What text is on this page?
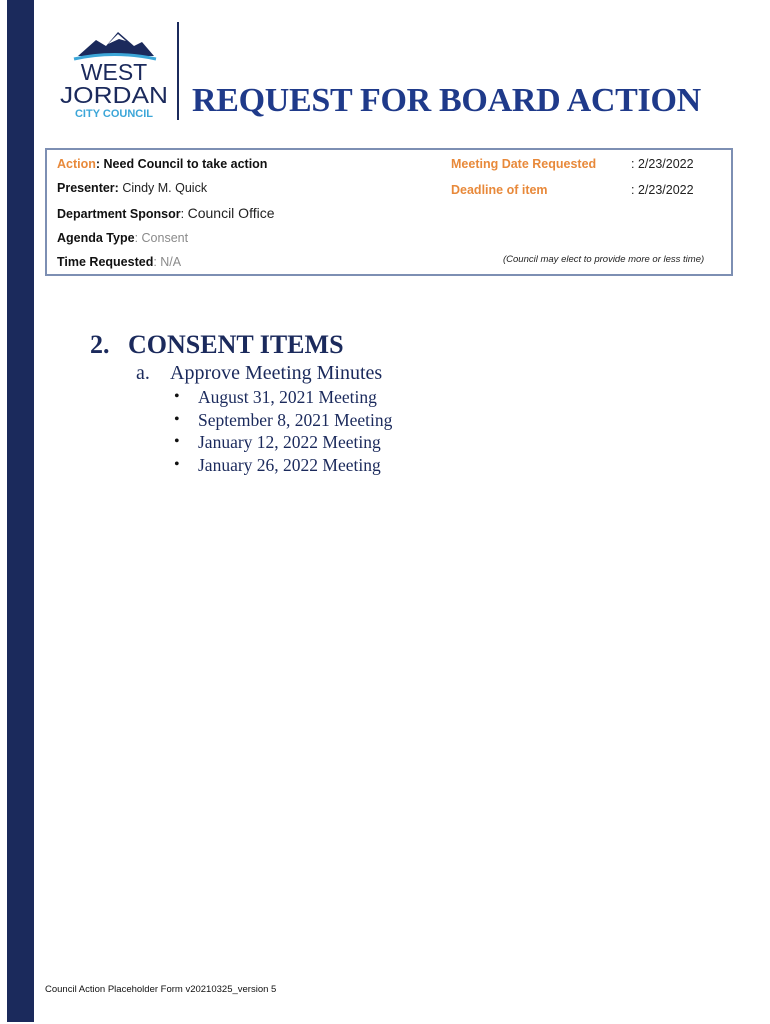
WEST
JORDAN
CITY COUNCIL REQUEST FOR BOARD ACTION
Action: Need Council to take action
Presenter: Cindy M. Quick
Department Sponsor: Council Office
Agenda Type: Consent
Time Requested: N/A
Meeting Date Requested	: 2/23/2022
Deadline of item	: 2/23/2022
(Council may elect to provide more or less time)
2. CONSENT ITEMS
a. Approve Meeting Minutes
• August 31, 2021 Meeting
• September 8, 2021 Meeting
• January 12, 2022 Meeting
• January 26, 2022 Meeting
Council Action Placeholder Form v20210325_version 5
